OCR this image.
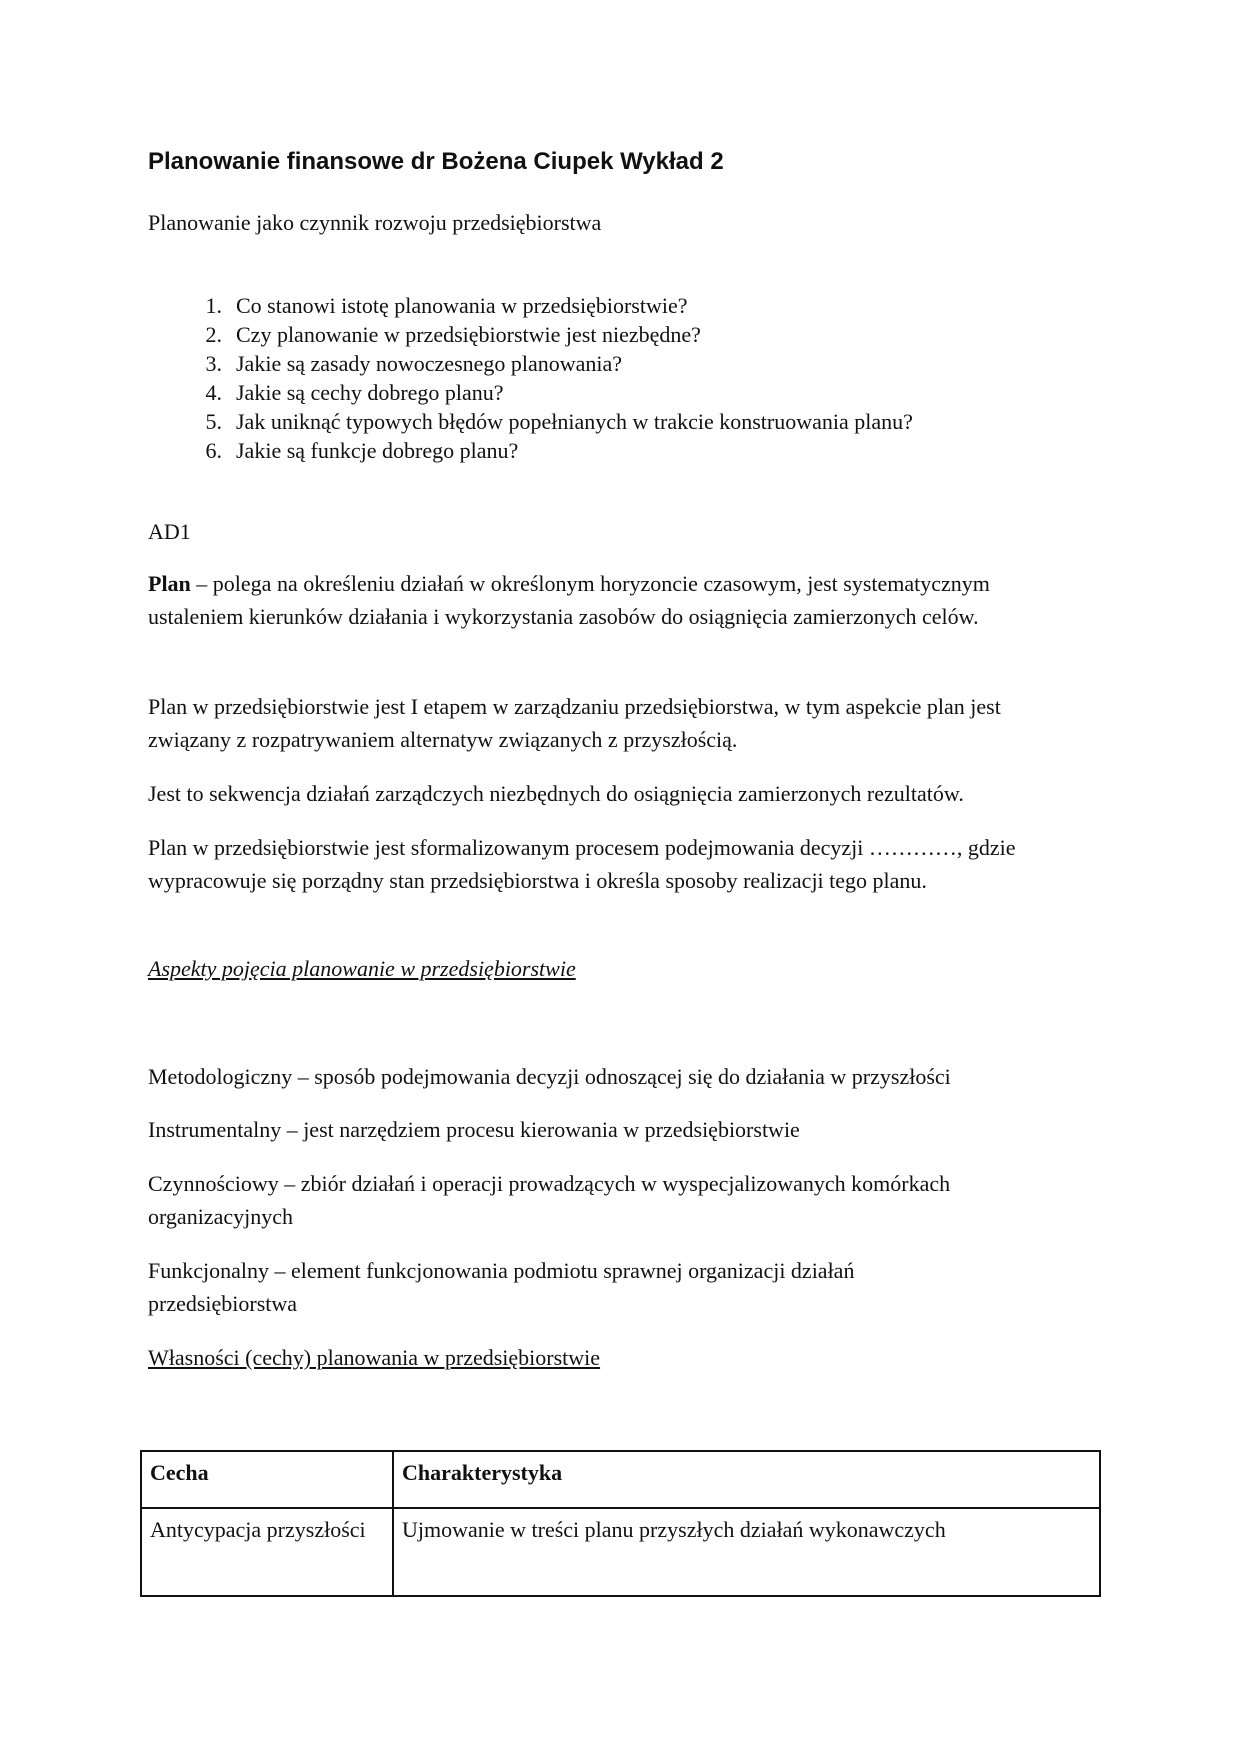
Planowanie finansowe dr Bożena Ciupek Wykład 2

Planowanie jako czynnik rozwoju przedsiębiorstwa

1. Co stanowi istotę planowania w przedsiębiorstwie?
2. Czy planowanie w przedsiębiorstwie jest niezbędne?
3. Jakie są zasady nowoczesnego planowania?
4. Jakie są cechy dobrego planu?
5. Jak uniknąć typowych błędów popełnianych w trakcie konstruowania planu?
6. Jakie są funkcje dobrego planu?

AD1

Plan – polega na określeniu działań w określonym horyzoncie czasowym, jest systematycznym ustaleniem kierunków działania i wykorzystania zasobów do osiągnięcia zamierzonych celów.

Plan w przedsiębiorstwie jest I etapem w zarządzaniu przedsiębiorstwa, w tym aspekcie plan jest związany z rozpatrywaniem alternatyw związanych z przyszłością.

Jest to sekwencja działań zarządczych niezbędnych do osiągnięcia zamierzonych rezultatów.

Plan w przedsiębiorstwie jest sformalizowanym procesem podejmowania decyzji …………, gdzie wypracowuje się porządny stan przedsiębiorstwa i określa sposoby realizacji tego planu.

Aspekty pojęcia planowanie w przedsiębiorstwie

Metodologiczny – sposób podejmowania decyzji odnoszącej się do działania w przyszłości

Instrumentalny – jest narzędziem procesu kierowania w przedsiębiorstwie

Czynnościowy – zbiór działań i operacji prowadzących w wyspecjalizowanych komórkach organizacyjnych

Funkcjonalny – element funkcjonowania podmiotu sprawnej organizacji działań przedsiębiorstwa

Własności (cechy) planowania w przedsiębiorstwie

Cecha	Charakterystyka
Antycypacja przyszłości	Ujmowanie w treści planu przyszłych działań wykonawczych
